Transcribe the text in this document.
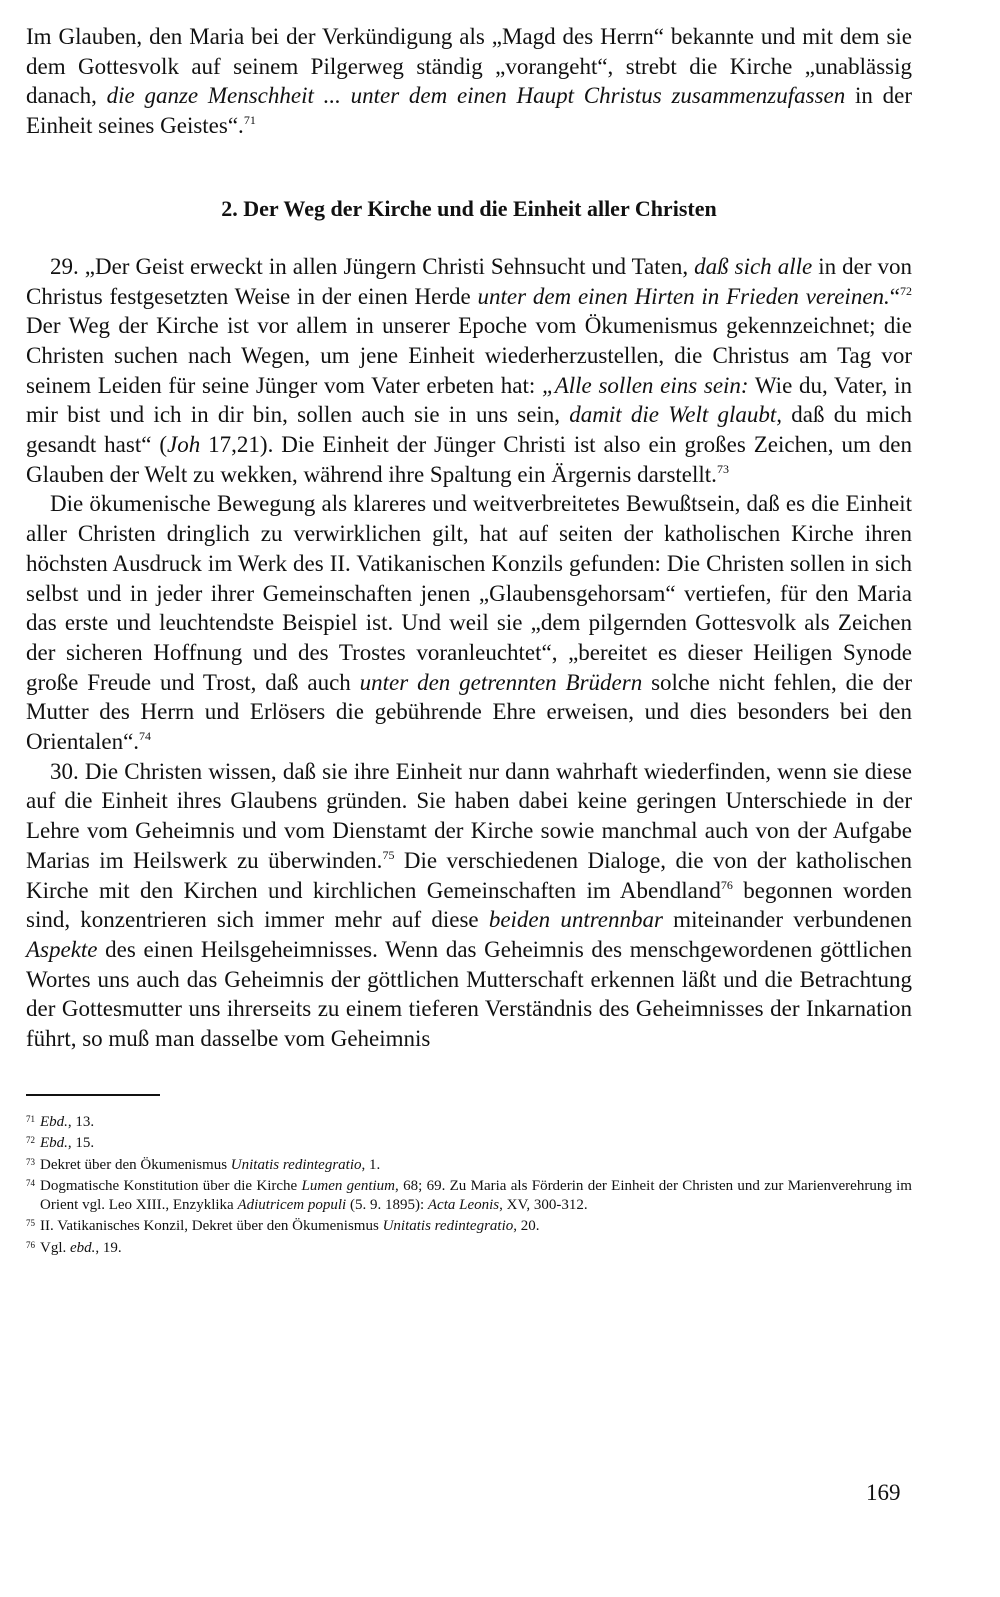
Im Glauben, den Maria bei der Verkündigung als „Magd des Herrn“ bekannte und mit dem sie dem Gottesvolk auf seinem Pilgerweg ständig „vorangeht“, strebt die Kirche „unablässig danach, die ganze Menschheit ... unter dem einen Haupt Christus zusammenzufassen in der Einheit seines Geistes“.$^{71}$

2. Der Weg der Kirche und die Einheit aller Christen

29. „Der Geist erweckt in allen Jüngern Christi Sehnsucht und Taten, daß sich alle in der von Christus festgesetzten Weise in der einen Herde unter dem einen Hirten in Frieden vereinen.“$^{72}$ Der Weg der Kirche ist vor allem in unserer Epoche vom Ökumenismus gekennzeichnet; die Christen suchen nach Wegen, um jene Einheit wiederherzustellen, die Christus am Tag vor seinem Leiden für seine Jünger vom Vater erbeten hat: „Alle sollen eins sein: Wie du, Vater, in mir bist und ich in dir bin, sollen auch sie in uns sein, damit die Welt glaubt, daß du mich gesandt hast“ (Joh 17,21). Die Einheit der Jünger Christi ist also ein großes Zeichen, um den Glauben der Welt zu wekken, während ihre Spaltung ein Ärgernis darstellt.$^{73}$

Die ökumenische Bewegung als klareres und weitverbreitetes Bewußtsein, daß es die Einheit aller Christen dringlich zu verwirklichen gilt, hat auf seiten der katholischen Kirche ihren höchsten Ausdruck im Werk des II. Vatikanischen Konzils gefunden: Die Christen sollen in sich selbst und in jeder ihrer Gemeinschaften jenen „Glaubensgehorsam“ vertiefen, für den Maria das erste und leuchtendste Beispiel ist. Und weil sie „dem pilgernden Gottesvolk als Zeichen der sicheren Hoffnung und des Trostes voranleuchtet“, „bereitet es dieser Heiligen Synode große Freude und Trost, daß auch unter den getrennten Brüdern solche nicht fehlen, die der Mutter des Herrn und Erlösers die gebührende Ehre erweisen, und dies besonders bei den Orientalen“.$^{74}$

30. Die Christen wissen, daß sie ihre Einheit nur dann wahrhaft wiederfinden, wenn sie diese auf die Einheit ihres Glaubens gründen. Sie haben dabei keine geringen Unterschiede in der Lehre vom Geheimnis und vom Dienstamt der Kirche sowie manchmal auch von der Aufgabe Marias im Heilswerk zu überwinden.$^{75}$ Die verschiedenen Dialoge, die von der katholischen Kirche mit den Kirchen und kirchlichen Gemeinschaften im Abendland$^{76}$ begonnen worden sind, konzentrieren sich immer mehr auf diese beiden untrennbar miteinander verbundenen Aspekte des einen Heilsgeheimnisses. Wenn das Geheimnis des menschgewordenen göttlichen Wortes uns auch das Geheimnis der göttlichen Mutterschaft erkennen läßt und die Betrachtung der Gottesmutter uns ihrerseits zu einem tieferen Verständnis des Geheimnisses der Inkarnation führt, so muß man dasselbe vom Geheimnis

71 Ebd., 13.

72 Ebd., 15.

73 Dekret über den Ökumenismus Unitatis redintegratio, 1.

74 Dogmatische Konstitution über die Kirche Lumen gentium, 68; 69. Zu Maria als Förderin der Einheit der Christen und zur Marienverehrung im Orient vgl. Leo XIII., Enzyklika Adiutricem populi (5. 9. 1895): Acta Leonis, XV, 300-312.

75 II. Vatikanisches Konzil, Dekret über den Ökumenismus Unitatis redintegratio, 20.

76 Vgl. ebd., 19.

169
